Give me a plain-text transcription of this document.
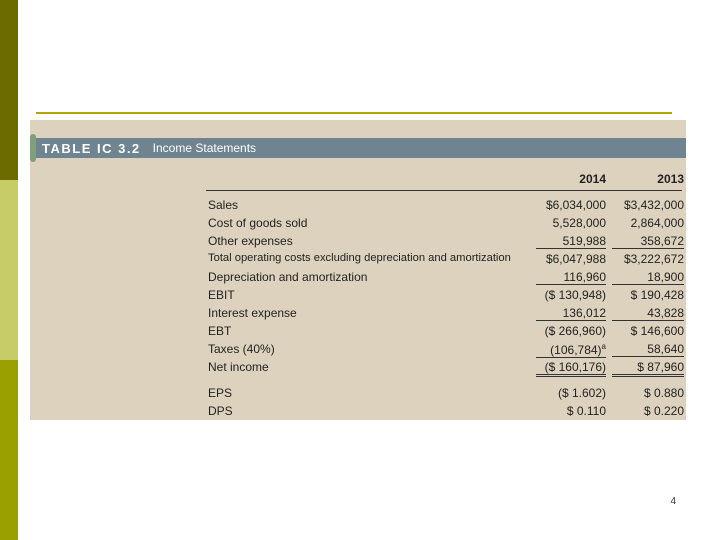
TABLE IC 3.2 Income Statements
2014	2013
Sales	$6,034,000	$3,432,000
Cost of goods sold	5,528,000	2,864,000
Other expenses	519,988	358,672
Total operating costs excluding depreciation and amortization	$6,047,988	$3,222,672
Depreciation and amortization	116,960	18,900
EBIT	($ 130,948)	$ 190,428
Interest expense	136,012	43,828
EBT	($ 266,960)	$ 146,600
Taxes (40%)	$(106,784)^a$	58,640
Net income	($ 160,176)	$ 87,960
EPS	($ 1.602)	$ 0.880
DPS	$ 0.110	$ 0.220
4
